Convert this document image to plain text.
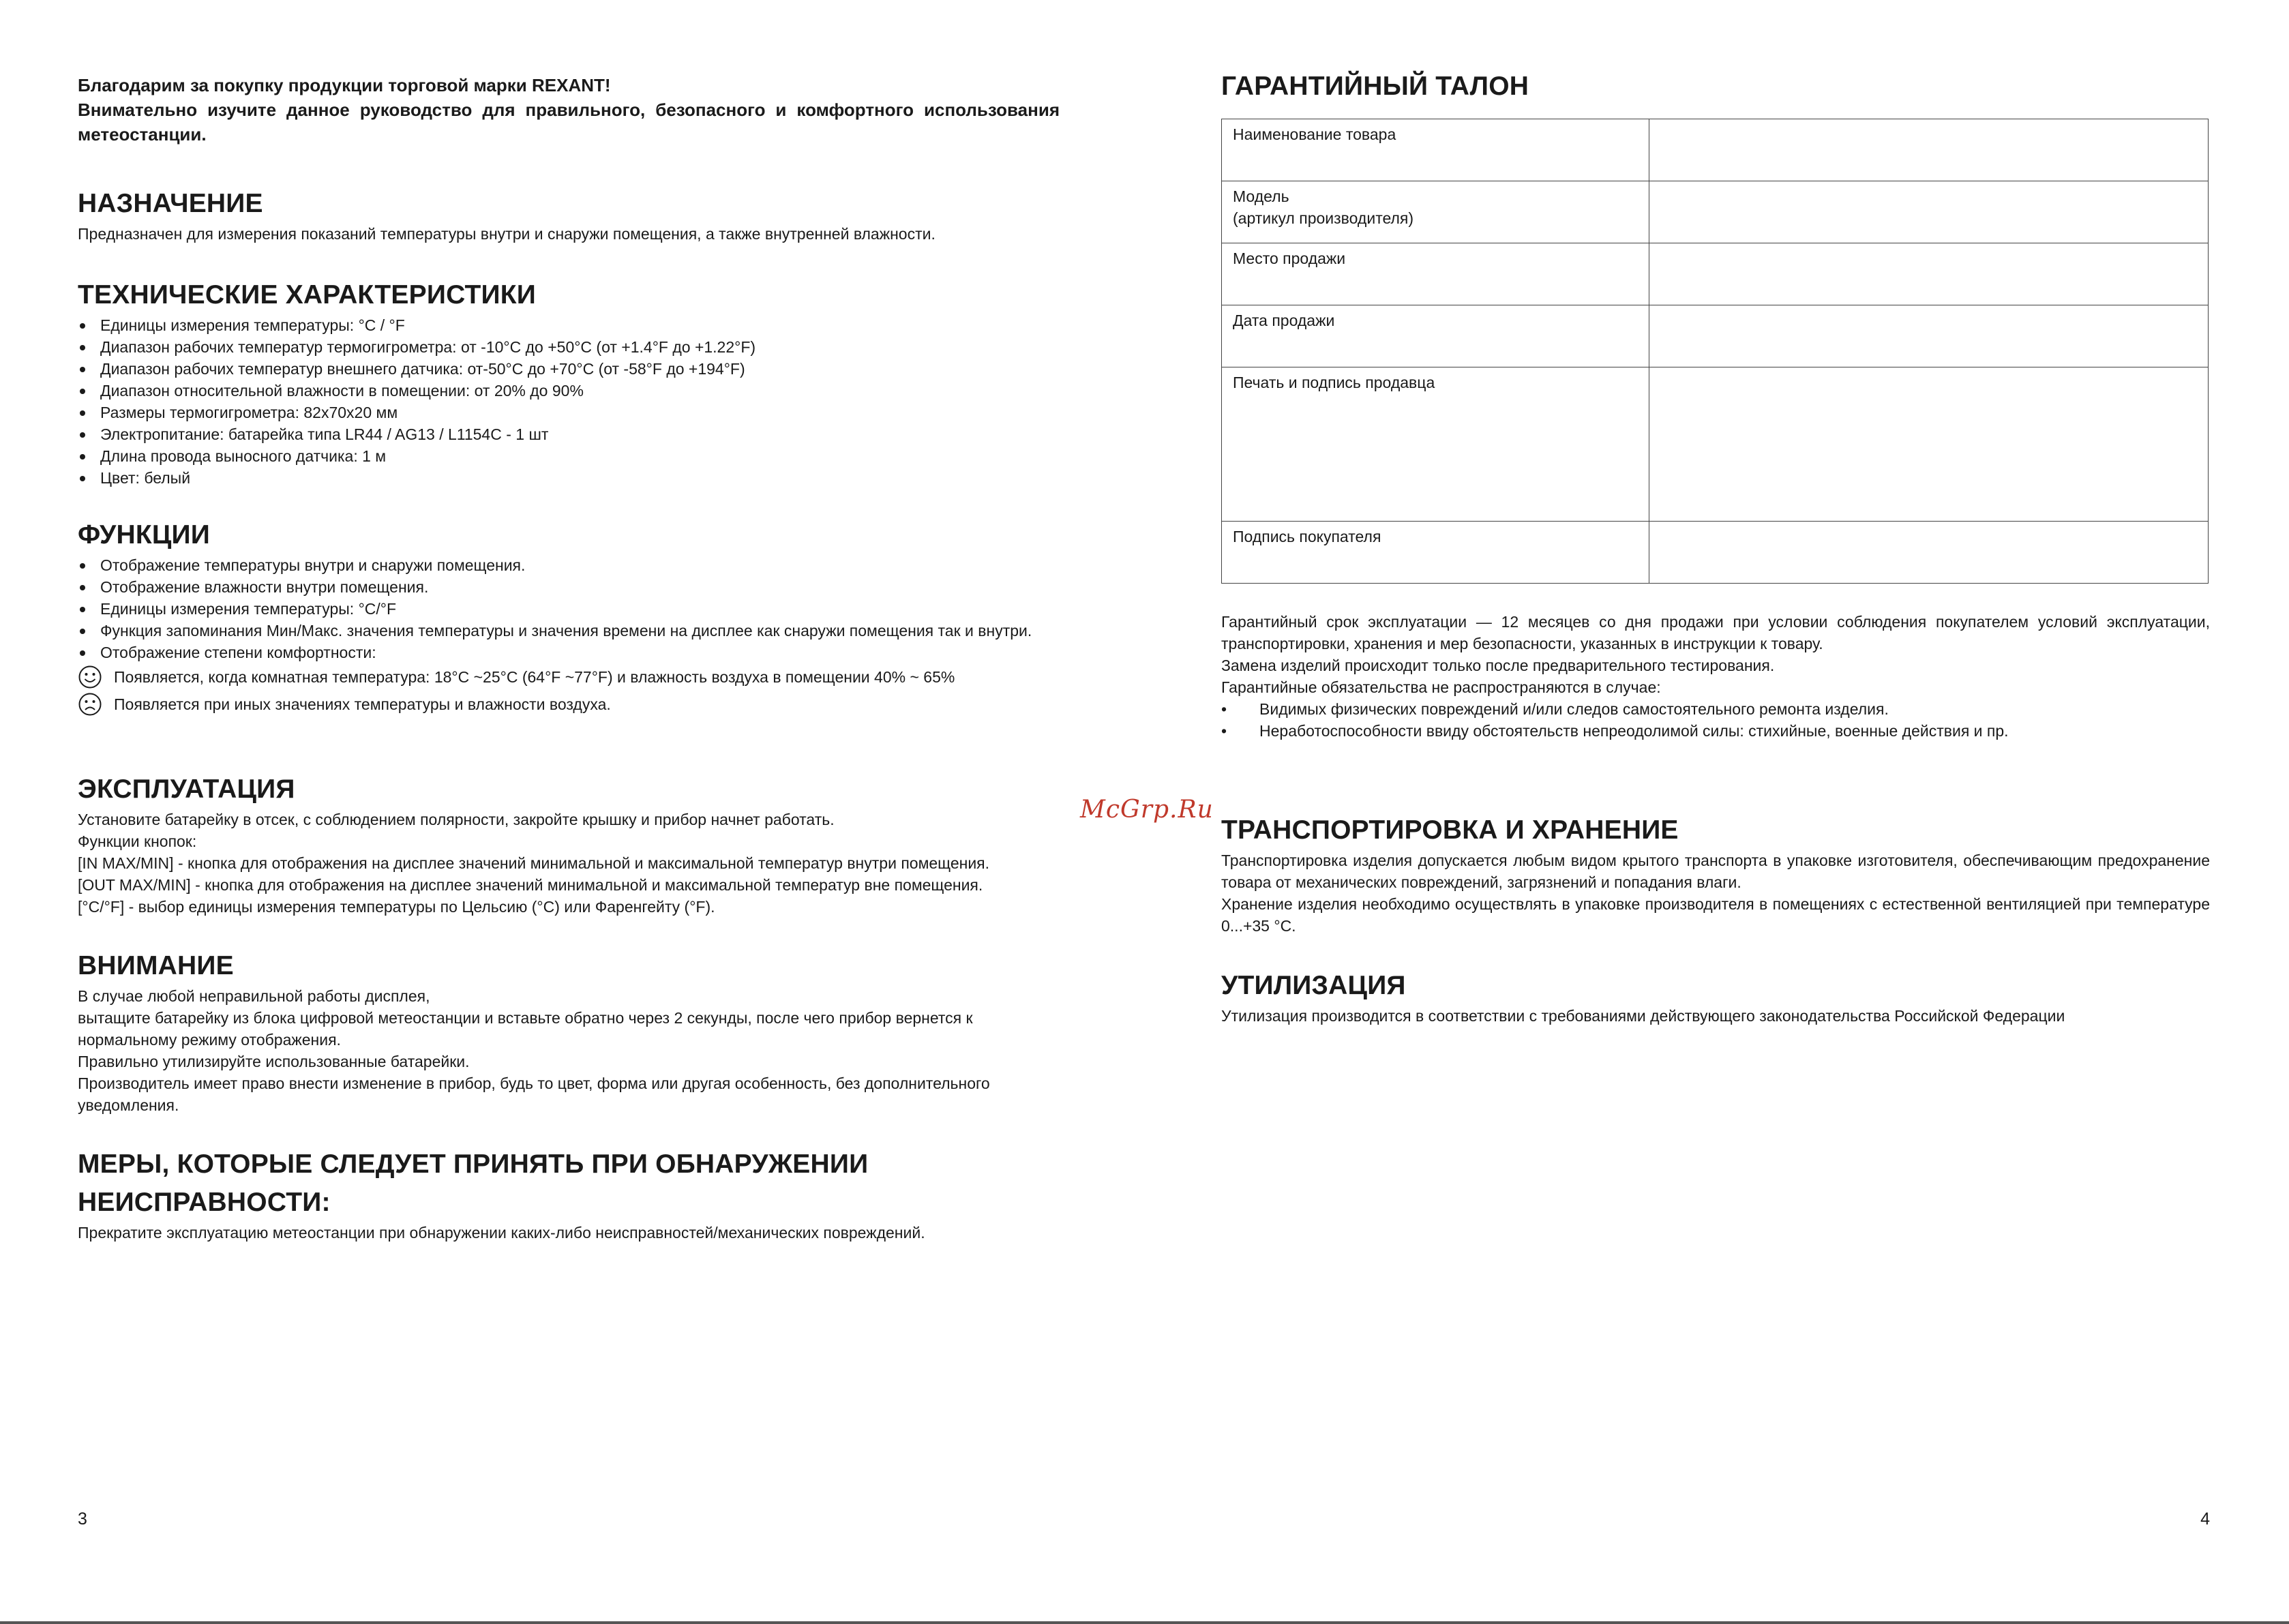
Благодарим за покупку продукции торговой марки REXANT!

Внимательно изучите данное руководство для правильного, безопасного и комфортного использования метеостанции.

НАЗНАЧЕНИЕ

Предназначен для измерения показаний температуры внутри и снаружи помещения, а также внутренней влажности.

ТЕХНИЧЕСКИЕ ХАРАКТЕРИСТИКИ
Единицы измерения температуры: °C / °F
Диапазон рабочих температур термогигрометра: от -10°C до +50°C (от +1.4°F до +1.22°F)
Диапазон рабочих температур внешнего датчика: от-50°C до +70°C (от -58°F до +194°F)
Диапазон относительной влажности в помещении: от 20% до 90%
Размеры термогигрометра: 82х70х20 мм
Электропитание: батарейка типа LR44 / AG13 / L1154C - 1 шт
Длина провода выносного датчика: 1 м
Цвет: белый
ФУНКЦИИ
Отображение температуры внутри и снаружи помещения.
Отображение влажности внутри помещения.
Единицы измерения температуры: °C/°F
Функция запоминания Мин/Макс. значения температуры и значения времени на дисплее как снаружи помещения так и внутри.
Отображение степени комфортности:
Появляется, когда комнатная температура: 18°C ~25°C (64°F ~77°F) и влажность воздуха в помещении 40% ~ 65%
Появляется при иных значениях температуры и влажности воздуха.
ЭКСПЛУАТАЦИЯ

Установите батарейку в отсек, с соблюдением полярности, закройте крышку и прибор начнет работать.

Функции кнопок:

[IN MAX/MIN] - кнопка для отображения на дисплее значений минимальной и максимальной температур внутри помещения.

[OUT MAX/MIN] - кнопка для отображения на дисплее значений минимальной и максимальной температур вне помещения.

[°C/°F] - выбор единицы измерения температуры по Цельсию (°C) или Фаренгейту (°F).

ВНИМАНИЕ

В случае любой неправильной работы дисплея,

вытащите батарейку из блока цифровой метеостанции и вставьте обратно через 2 секунды, после чего прибор вернется к нормальному режиму отображения.

Правильно утилизируйте использованные батарейки.

Производитель имеет право внести изменение в прибор, будь то цвет, форма или другая особенность, без дополнительного уведомления.

МЕРЫ, КОТОРЫЕ СЛЕДУЕТ ПРИНЯТЬ ПРИ ОБНАРУЖЕНИИ
НЕИСПРАВНОСТИ:

Прекратите эксплуатацию метеостанции при обнаружении каких-либо неисправностей/механических повреждений.

3
McGrp.Ru
ГАРАНТИЙНЫЙ ТАЛОН
Наименование товара	

Модель
(артикул производителя)	

Место продажи	
Дата продажи	
Печать и подпись продавца	
Подпись покупателя	

Гарантийный срок эксплуатации — 12 месяцев со дня продажи при условии соблюдения покупателем условий эксплуатации, транспортировки, хранения и мер безопасности, указанных в инструкции к товару.

Замена изделий происходит только после предварительного тестирования.

Гарантийные обязательства не распространяются в случае:

• Видимых физических повреждений и/или следов самостоятельного ремонта изделия.
• Неработоспособности ввиду обстоятельств непреодолимой силы: стихийные, военные действия и пр.
ТРАНСПОРТИРОВКА И ХРАНЕНИЕ

Транспортировка изделия допускается любым видом крытого транспорта в упаковке изготовителя, обеспечивающим предохранение товара от механических повреждений, загрязнений и попадания влаги.

Хранение изделия необходимо осуществлять в упаковке производителя в помещениях с естественной вентиляцией при температуре 0...+35 °С.

УТИЛИЗАЦИЯ

Утилизация производится в соответствии с требованиями действующего законодательства Российской Федерации

4
